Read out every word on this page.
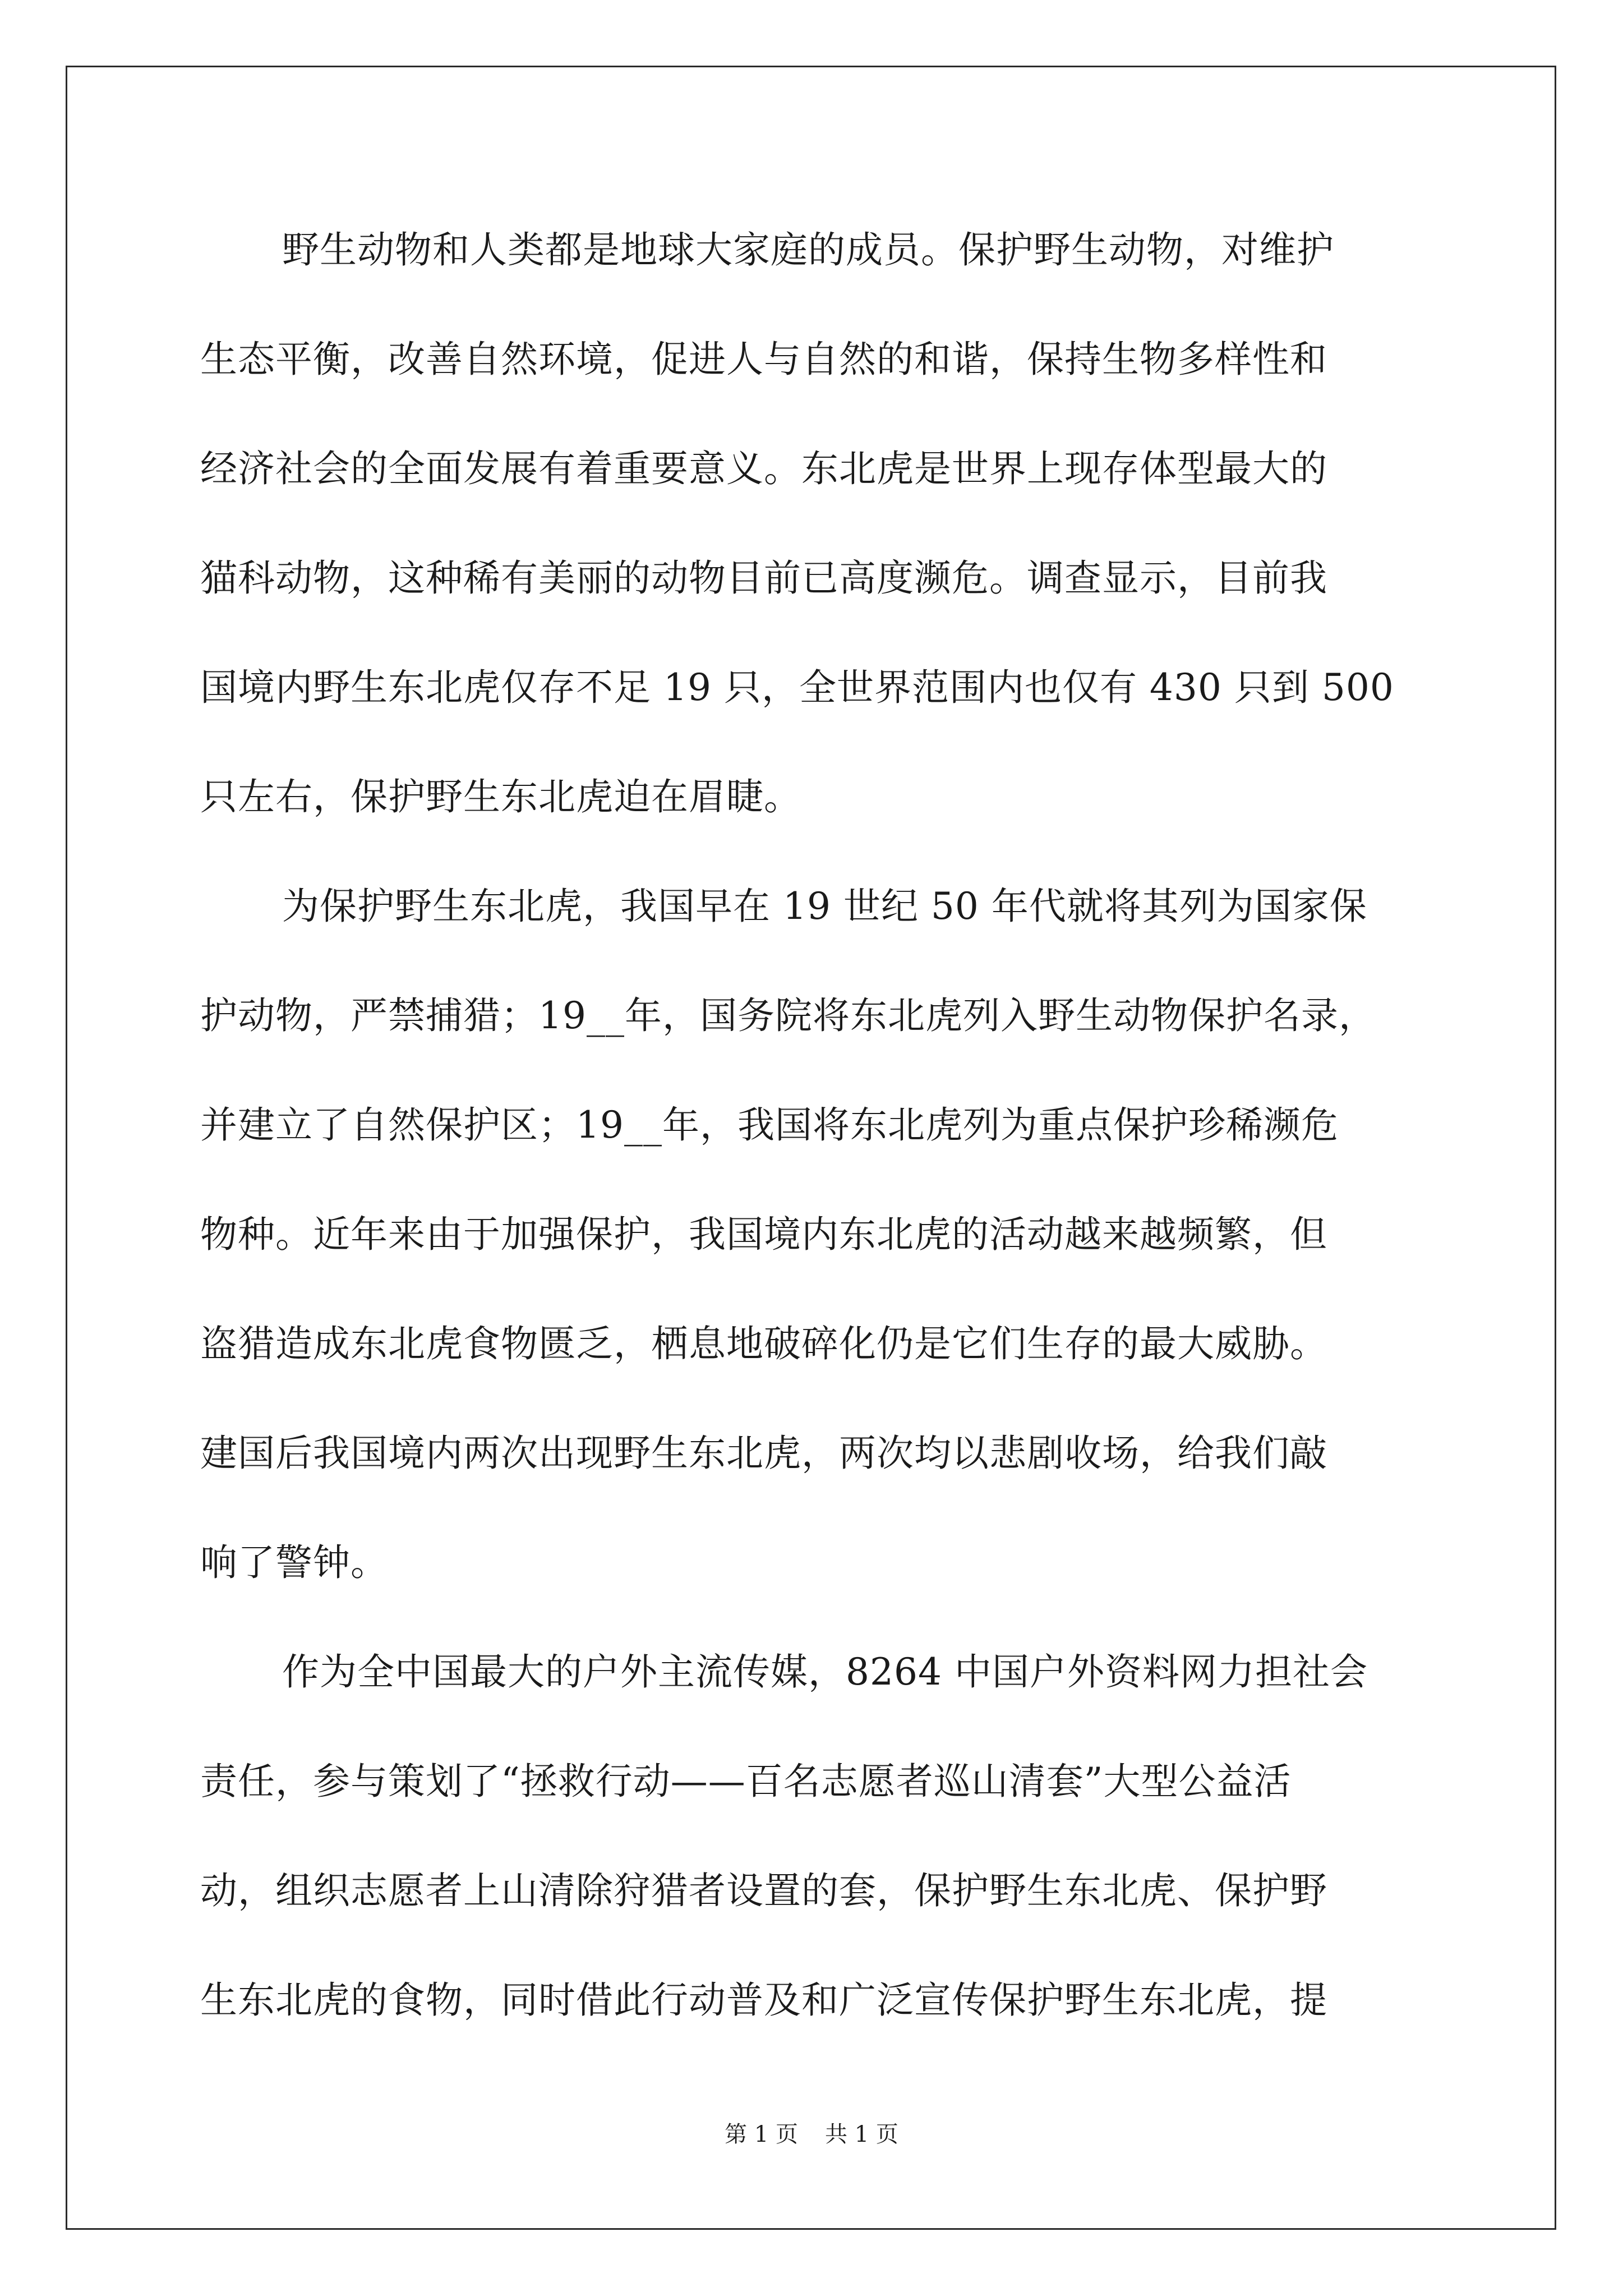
野生动物和人类都是地球大家庭的成员。保护野生动物，对维护
生态平衡，改善自然环境，促进人与自然的和谐，保持生物多样性和
经济社会的全面发展有着重要意义。东北虎是世界上现存体型最大的
猫科动物，这种稀有美丽的动物目前已高度濒危。调查显示，目前我
国境内野生东北虎仅存不足 19 只，全世界范围内也仅有 430 只到 500
只左右，保护野生东北虎迫在眉睫。
为保护野生东北虎，我国早在 19 世纪 50 年代就将其列为国家保
护动物，严禁捕猎；19__年，国务院将东北虎列入野生动物保护名录，
并建立了自然保护区；19__年，我国将东北虎列为重点保护珍稀濒危
物种。近年来由于加强保护，我国境内东北虎的活动越来越频繁，但
盗猎造成东北虎食物匮乏，栖息地破碎化仍是它们生存的最大威胁。
建国后我国境内两次出现野生东北虎，两次均以悲剧收场，给我们敲
响了警钟。
作为全中国最大的户外主流传媒，8264 中国户外资料网力担社会
责任，参与策划了“拯救行动——百名志愿者巡山清套”大型公益活
动，组织志愿者上山清除狩猎者设置的套，保护野生东北虎、保护野
生东北虎的食物，同时借此行动普及和广泛宣传保护野生东北虎，提
第 1 页 共 1 页
